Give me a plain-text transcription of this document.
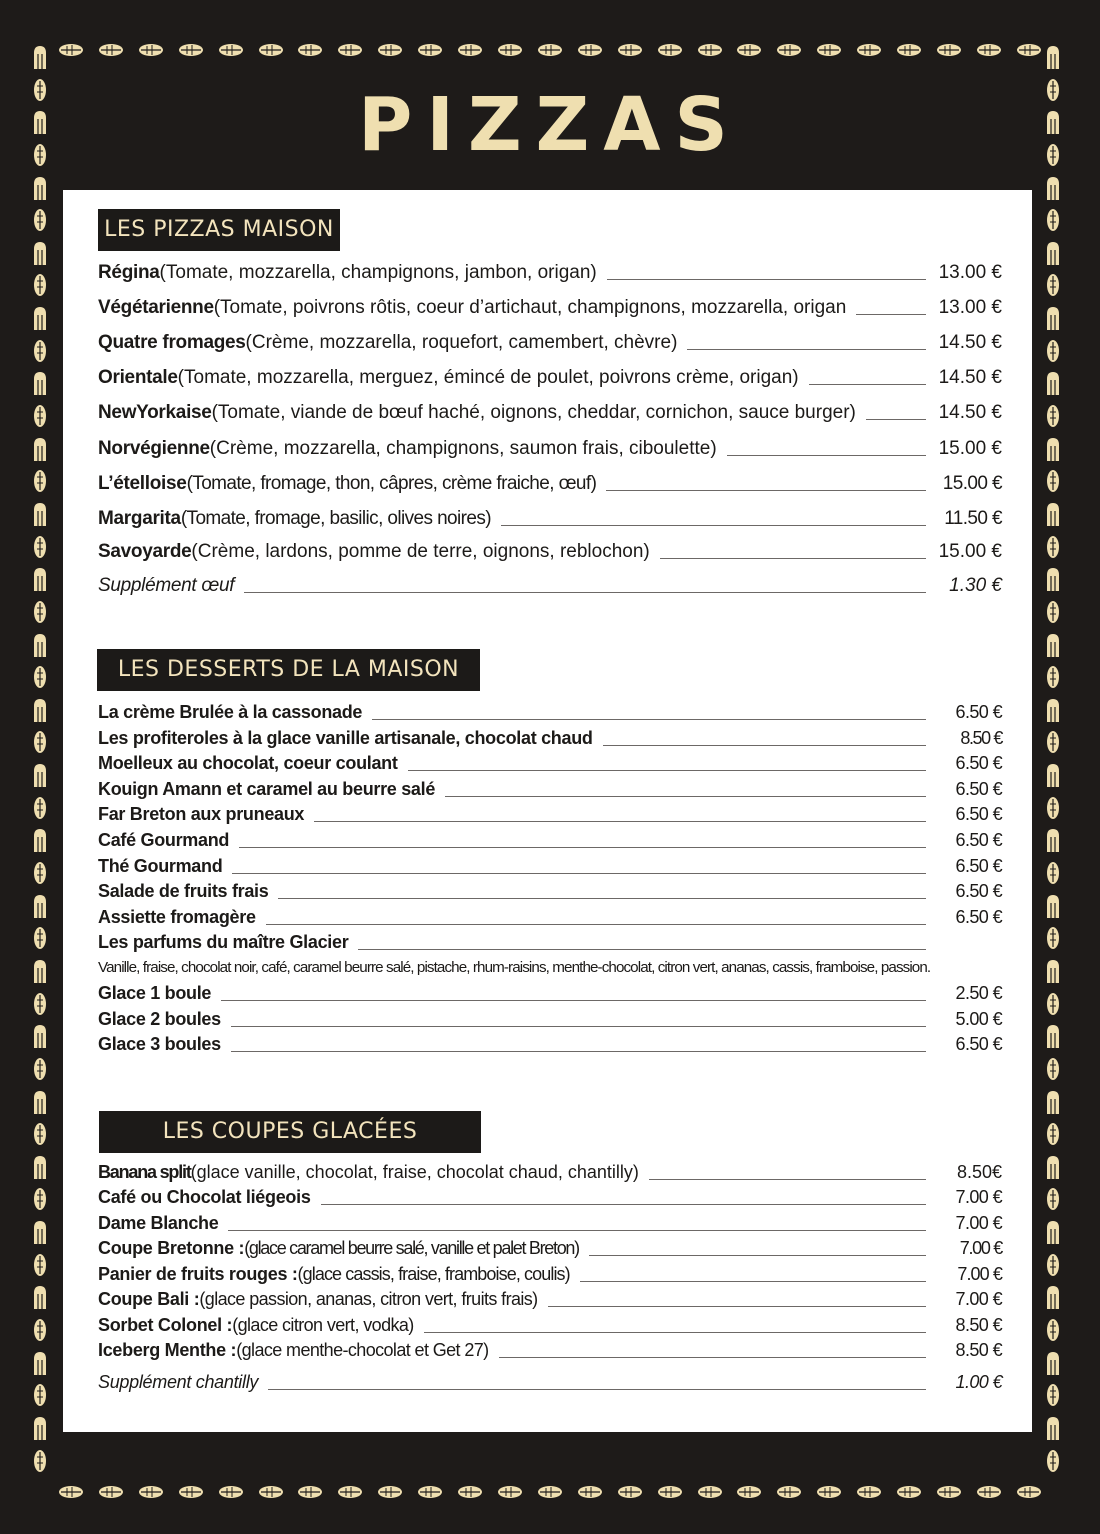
PIZZAS
LES PIZZAS MAISON
Régina (Tomate, mozzarella, champignons, jambon, origan)	13.00 €
Végétarienne (Tomate, poivrons rôtis, coeur d’artichaut, champignons, mozzarella, origan	13.00 €
Quatre fromages (Crème, mozzarella, roquefort, camembert, chèvre)	14.50 €
Orientale (Tomate, mozzarella, merguez, émincé de poulet, poivrons crème, origan)	14.50 €
NewYorkaise (Tomate, viande de bœuf haché, oignons, cheddar, cornichon, sauce burger)	14.50 €
Norvégienne (Crème, mozzarella, champignons, saumon frais, ciboulette)	15.00 €
L’ételloise (Tomate, fromage, thon, câpres, crème fraiche, œuf)	15.00 €
Margarita (Tomate, fromage, basilic, olives noires)	11.50 €
Savoyarde (Crème, lardons, pomme de terre, oignons, reblochon)	15.00 €
Supplément œuf	1.30 €
LES DESSERTS DE LA MAISON
La crème Brulée à la cassonade	6.50 €
Les profiteroles à la glace vanille artisanale, chocolat chaud	8.50 €
Moelleux au chocolat, coeur coulant	6.50 €
Kouign Amann et caramel au beurre salé	6.50 €
Far Breton aux pruneaux	6.50 €
Café Gourmand	6.50 €
Thé Gourmand	6.50 €
Salade de fruits frais	6.50 €
Assiette fromagère	6.50 €
Les parfums du maître Glacier
Vanille, fraise, chocolat noir, café, caramel beurre salé, pistache, rhum-raisins, menthe-chocolat, citron vert, ananas, cassis, framboise, passion.
Glace 1 boule	2.50 €
Glace 2 boules	5.00 €
Glace 3 boules	6.50 €
LES COUPES GLACÉES
Banana split (glace vanille, chocolat, fraise, chocolat chaud, chantilly)	8.50€
Café ou Chocolat liégeois	7.00 €
Dame Blanche	7.00 €
Coupe Bretonne : (glace caramel beurre salé, vanille et palet Breton)	7.00 €
Panier de fruits rouges : (glace cassis, fraise, framboise, coulis)	7.00 €
Coupe Bali : (glace passion, ananas, citron vert, fruits frais)	7.00 €
Sorbet Colonel : (glace citron vert, vodka)	8.50 €
Iceberg Menthe : (glace menthe-chocolat et Get 27)	8.50 €
Supplément chantilly	1.00 €
